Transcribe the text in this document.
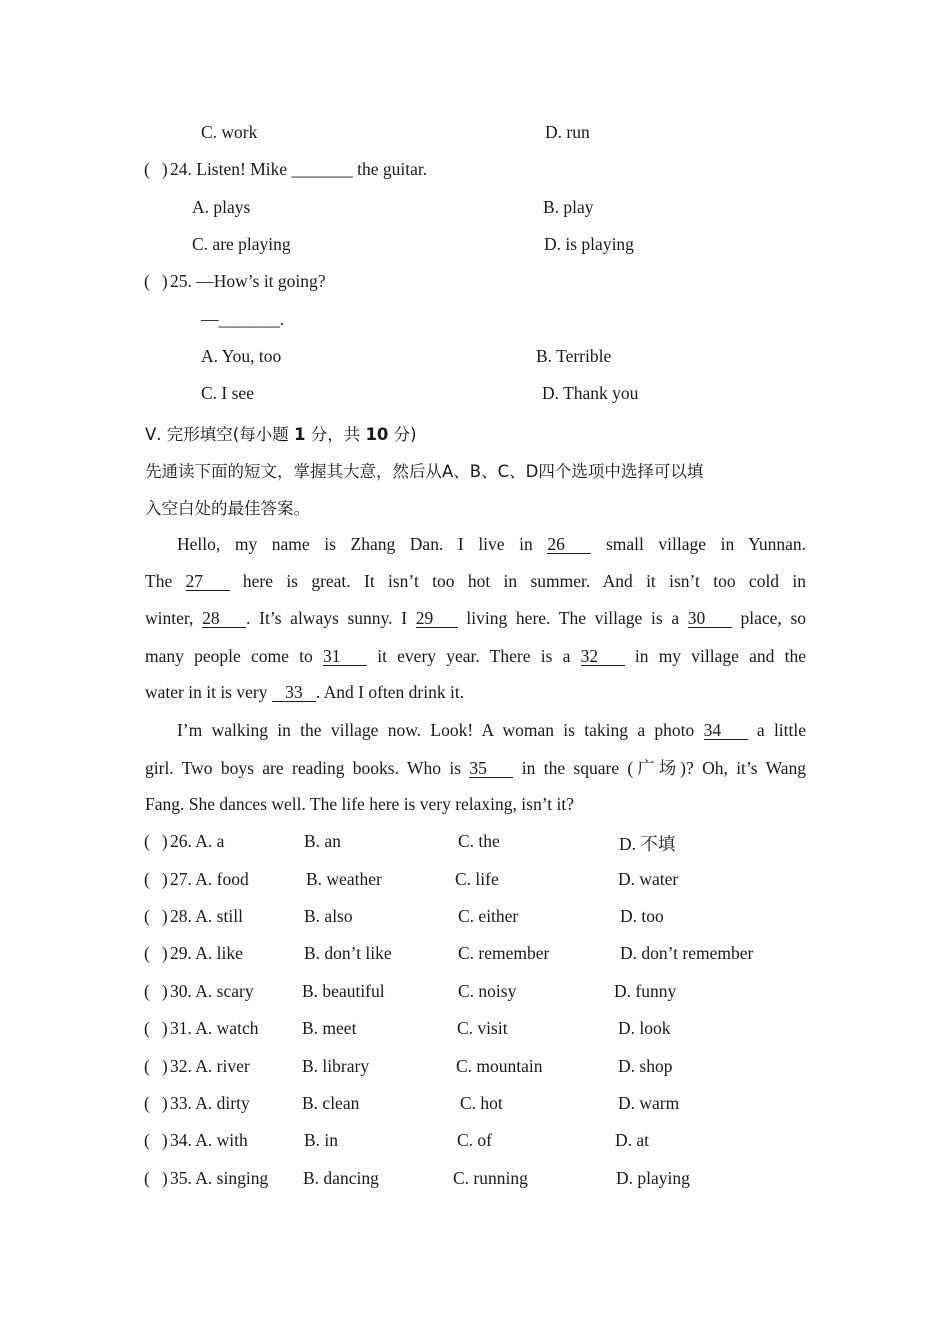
C. work	D. run
( ) 24. Listen! Mike _______ the guitar.
A. plays	B. play
C. are playing	D. is playing
( ) 25. —How’s it going?
—_______.
A. You, too	B. Terrible
C. I see	D. Thank you
Ⅴ. 完形填空(每小题 1 分，共 10 分)
先通读下面的短文，掌握其大意，然后从A、B、C、D四个选项中选择可以填
入空白处的最佳答案。
Hello, my name is Zhang Dan. I live in 26 small village in Yunnan.
The 27 here is great. It isn’t too hot in summer. And it isn’t too cold in
winter, 28 . It’s always sunny. I 29 living here. The village is a 30 place, so
many people come to 31 it every year. There is a 32 in my village and the
water in it is very 33 . And I often drink it.
I’m walking in the village now. Look! A woman is taking a photo 34 a little
girl. Two boys are reading books. Who is 35 in the square (广场)? Oh, it’s Wang
Fang. She dances well. The life here is very relaxing, isn’t it?
( ) 26. A. a	B. an	C. the	D. 不填
( ) 27. A. food	B. weather	C. life	D. water
( ) 28. A. still	B. also	C. either	D. too
( ) 29. A. like	B. don’t like	C. remember	D. don’t remember
( ) 30. A. scary	B. beautiful	C. noisy	D. funny
( ) 31. A. watch B. meet	C. visit	D. look
( ) 32. A. river	B. library	C. mountain	D. shop
( ) 33. A. dirty	B. clean	C. hot	D. warm
( ) 34. A. with	B. in	C. of	D. at
( ) 35. A. singing B. dancing	C. running	D. playing
